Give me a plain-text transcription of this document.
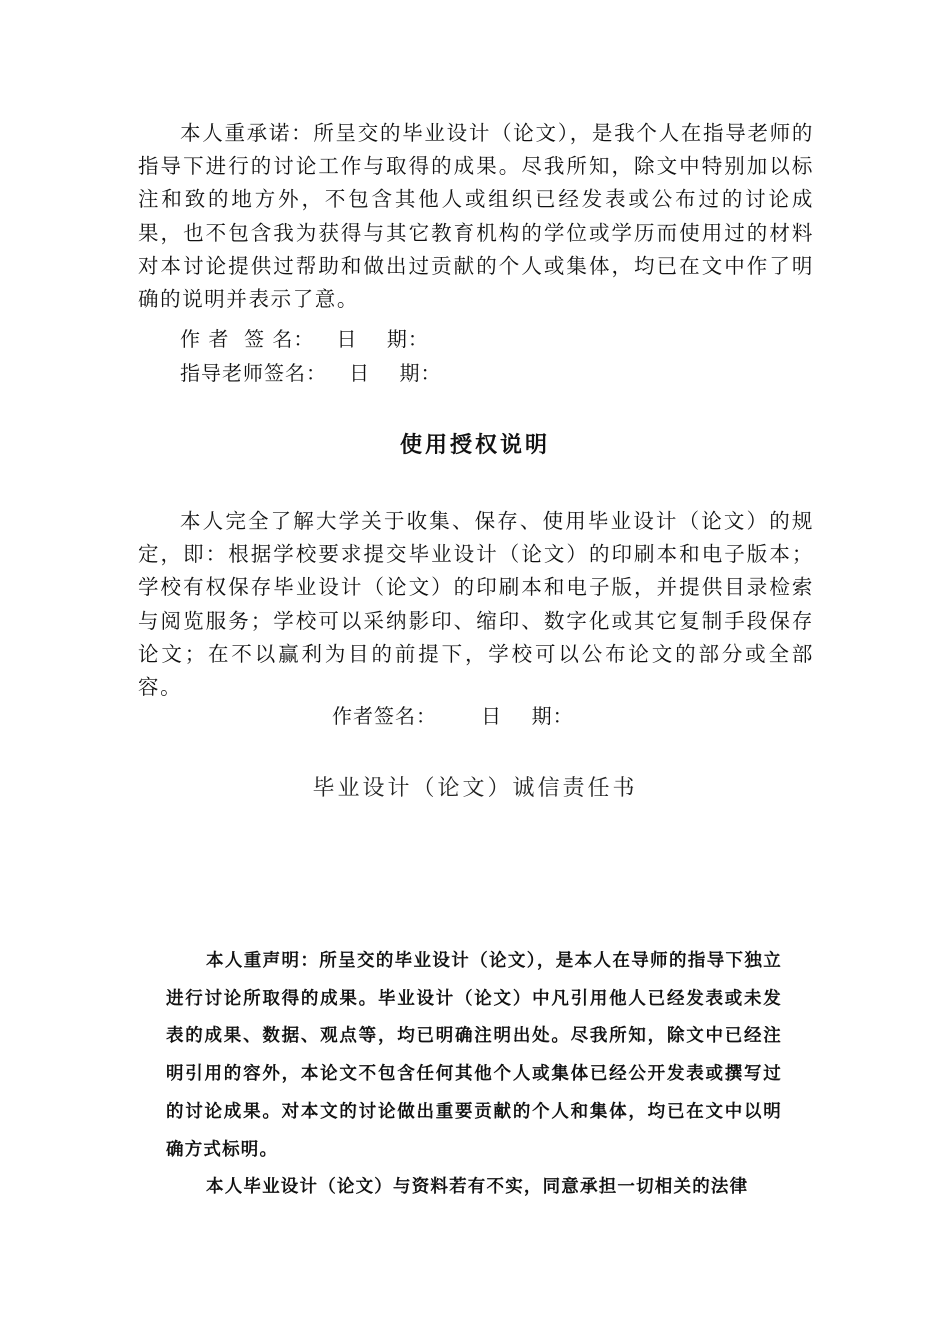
本人重承诺：所呈交的毕业设计（论文），是我个人在指导老师的指导下进行的讨论工作与取得的成果。尽我所知，除文中特别加以标注和致的地方外，不包含其他人或组织已经发表或公布过的讨论成果，也不包含我为获得与其它教育机构的学位或学历而使用过的材料对本讨论提供过帮助和做出过贡献的个人或集体，均已在文中作了明确的说明并表示了意。

作 者  签 名：   日    期：
指导老师签名：   日    期：
使用授权说明

本人完全了解大学关于收集、保存、使用毕业设计（论文）的规定，即：根据学校要求提交毕业设计（论文）的印刷本和电子版本；学校有权保存毕业设计（论文）的印刷本和电子版，并提供目录检索与阅览服务；学校可以采纳影印、缩印、数字化或其它复制手段保存论文；在不以赢利为目的前提下，学校可以公布论文的部分或全部容。

作者签名：      日    期：
毕业设计（论文）诚信责任书

本人重声明：所呈交的毕业设计（论文），是本人在导师的指导下独立进行讨论所取得的成果。毕业设计（论文）中凡引用他人已经发表或未发表的成果、数据、观点等，均已明确注明出处。尽我所知，除文中已经注明引用的容外，本论文不包含任何其他个人或集体已经公开发表或撰写过的讨论成果。对本文的讨论做出重要贡献的个人和集体，均已在文中以明确方式标明。

本人毕业设计（论文）与资料若有不实，同意承担一切相关的法律
